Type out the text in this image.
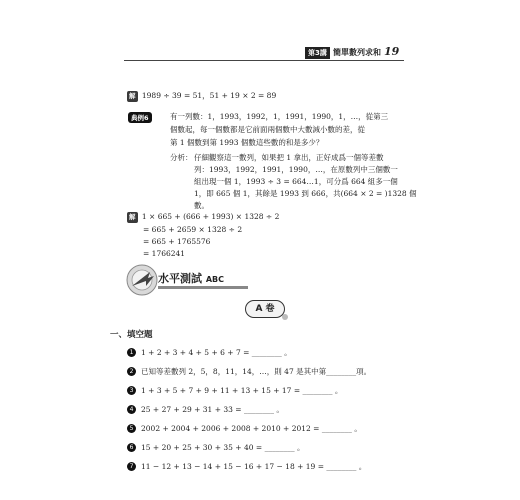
第3講 簡單數列求和 19
解 1989 ÷ 39 = 51，51 + 19 × 2 = 89
典例6	有一列數：1，1993，1992，1，1991，1990，1，…，從第三
個數起，每一個數都是它前面兩個數中大數減小數的差，從
第 1 個數到第 1993 個數這些數的和是多少？
分析： 仔細觀察這一數列，如果把 1 拿出，正好成爲一個等差數
列：1993，1992，1991，1990，…，在原數列中三個數一
組出現一個 1，1993 ÷ 3 = 664…1，可分爲 664 組多一個
1，即 665 個 1，其餘是 1993 到 666，共(664 × 2 = )1328 個
數。
解 1 × 665 + (666 + 1993) × 1328 ÷ 2
= 665 + 2659 × 1328 ÷ 2
= 665 + 1765576
= 1766241
水平測試 ABC
A 卷
一、填空題
1 1 + 2 + 3 + 4 + 5 + 6 + 7 = ________ 。
2 已知等差數列 2，5，8，11，14，…，則 47 是其中第________項。
3 1 + 3 + 5 + 7 + 9 + 11 + 13 + 15 + 17 = ________ 。
4 25 + 27 + 29 + 31 + 33 = ________ 。
5 2002 + 2004 + 2006 + 2008 + 2010 + 2012 = ________ 。
6 15 + 20 + 25 + 30 + 35 + 40 = ________ 。
7 11 − 12 + 13 − 14 + 15 − 16 + 17 − 18 + 19 = ________ 。
